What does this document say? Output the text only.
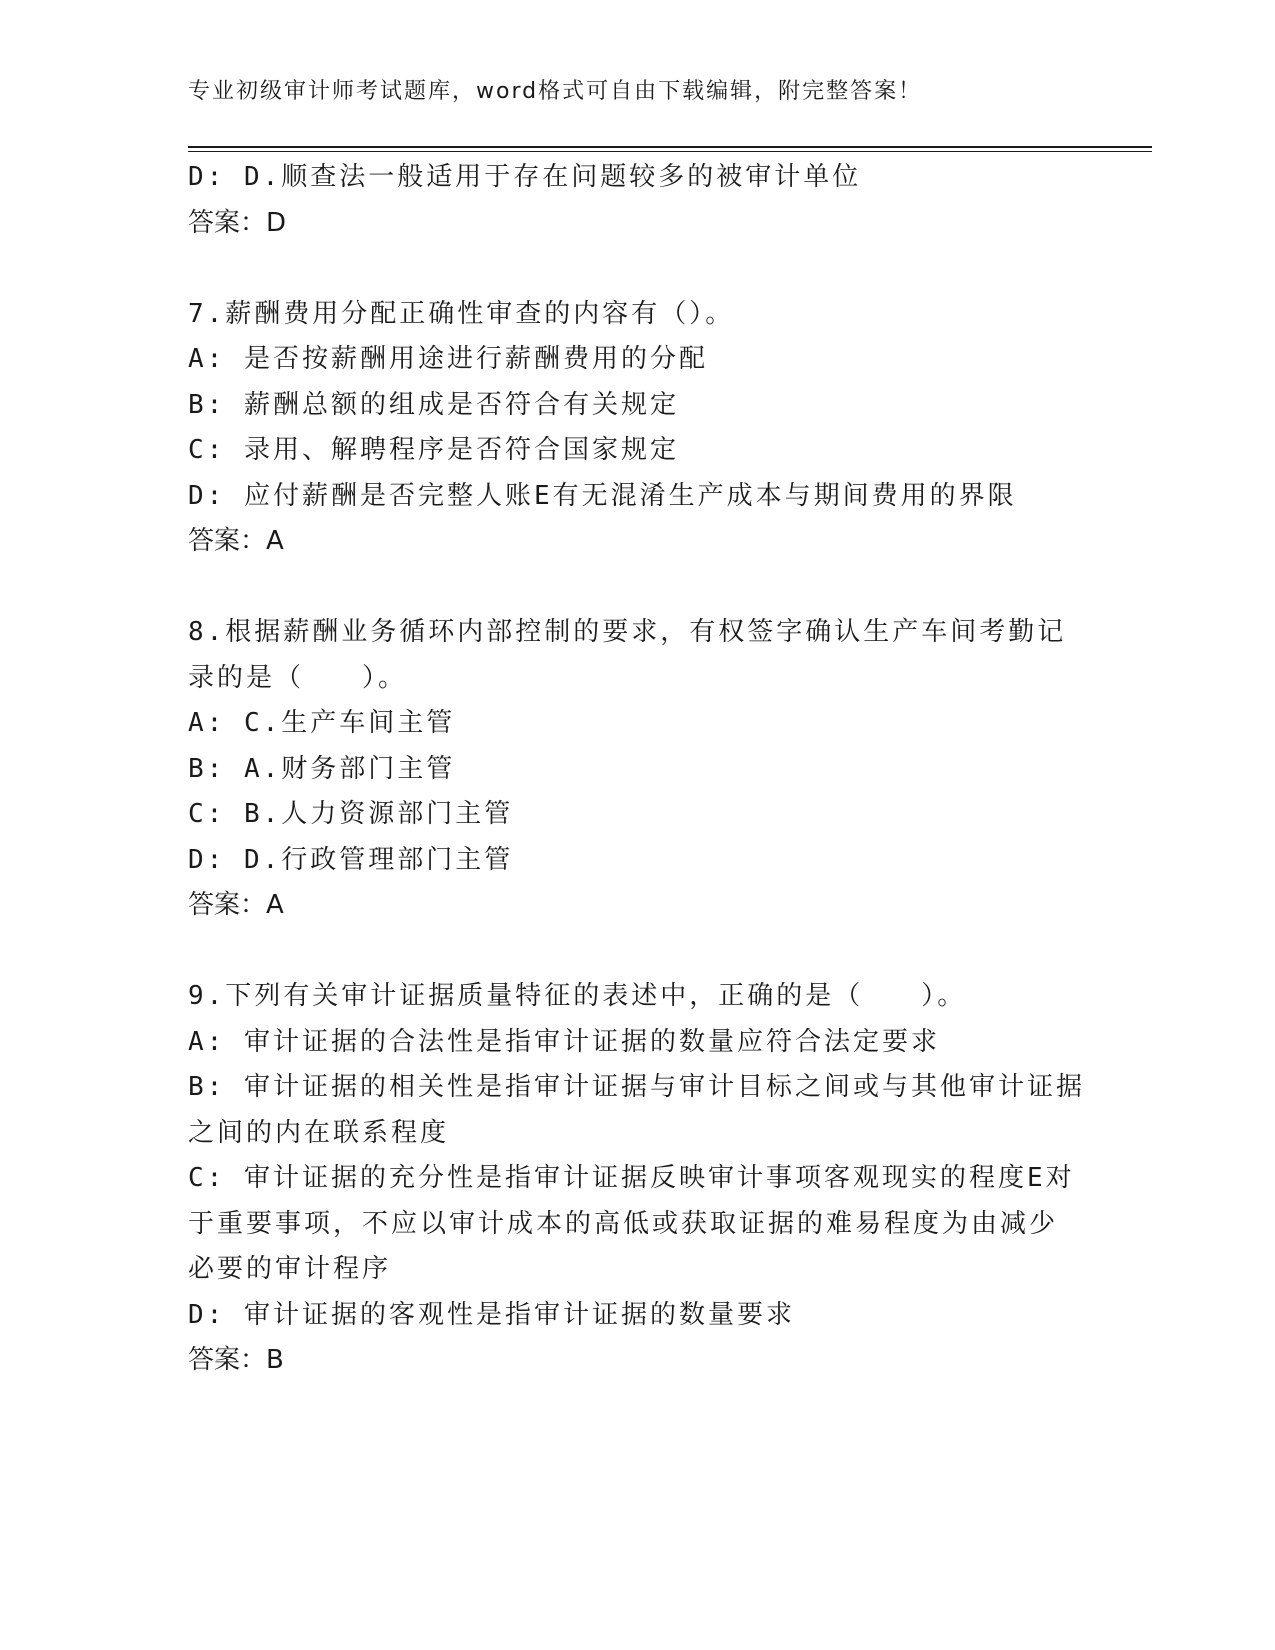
专业初级审计师考试题库，word格式可自由下载编辑，附完整答案！
D: D.顺查法一般适用于存在问题较多的被审计单位
答案：D
7.薪酬费用分配正确性审查的内容有（）。
A: 是否按薪酬用途进行薪酬费用的分配
B: 薪酬总额的组成是否符合有关规定
C: 录用、解聘程序是否符合国家规定
D: 应付薪酬是否完整人账E有无混淆生产成本与期间费用的界限
答案：A
8.根据薪酬业务循环内部控制的要求，有权签字确认生产车间考勤记
录的是（　　）。
A: C.生产车间主管
B: A.财务部门主管
C: B.人力资源部门主管
D: D.行政管理部门主管
答案：A
9.下列有关审计证据质量特征的表述中，正确的是（　　）。
A: 审计证据的合法性是指审计证据的数量应符合法定要求
B: 审计证据的相关性是指审计证据与审计目标之间或与其他审计证据
之间的内在联系程度
C: 审计证据的充分性是指审计证据反映审计事项客观现实的程度E对
于重要事项，不应以审计成本的高低或获取证据的难易程度为由减少
必要的审计程序
D: 审计证据的客观性是指审计证据的数量要求
答案：B
